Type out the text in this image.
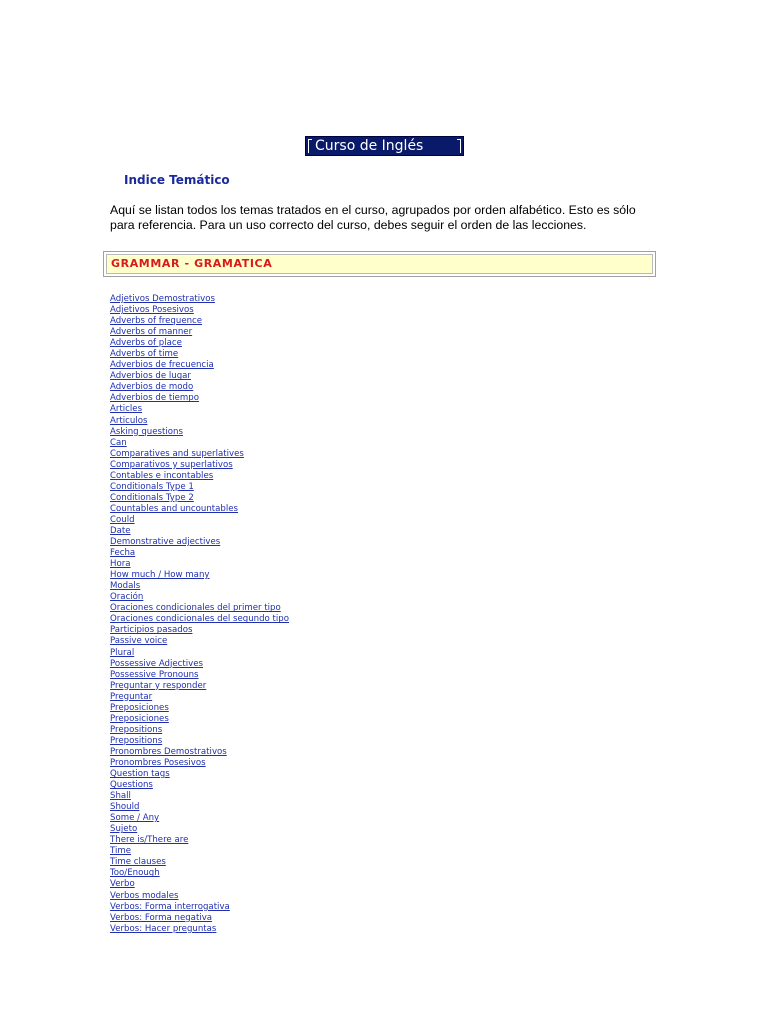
Curso de Inglés
Indice Temático

Aquí se listan todos los temas tratados en el curso, agrupados por orden alfabético. Esto es sólo para referencia. Para un uso correcto del curso, debes seguir el orden de las lecciones.

GRAMMAR - GRAMATICA
Adjetivos Demostrativos
Adjetivos Posesivos
Adverbs of frequence
Adverbs of manner
Adverbs of place
Adverbs of time
Adverbios de frecuencia
Adverbios de lugar
Adverbios de modo
Adverbios de tiempo
Articles
Articulos
Asking questions
Can
Comparatives and superlatives
Comparativos y superlativos
Contables e incontables
Conditionals Type 1
Conditionals Type 2
Countables and uncountables
Could
Date
Demonstrative adjectives
Fecha
Hora
How much / How many
Modals
Oración
Oraciones condicionales del primer tipo
Oraciones condicionales del segundo tipo
Participios pasados
Passive voice
Plural
Possessive Adjectives
Possessive Pronouns
Preguntar y responder
Preguntar
Preposiciones
Preposiciones
Prepositions
Prepositions
Pronombres Demostrativos
Pronombres Posesivos
Question tags
Questions
Shall
Should
Some / Any
Sujeto
There is/There are
Time
Time clauses
Too/Enough
Verbo
Verbos modales
Verbos: Forma interrogativa
Verbos: Forma negativa
Verbos: Hacer preguntas
